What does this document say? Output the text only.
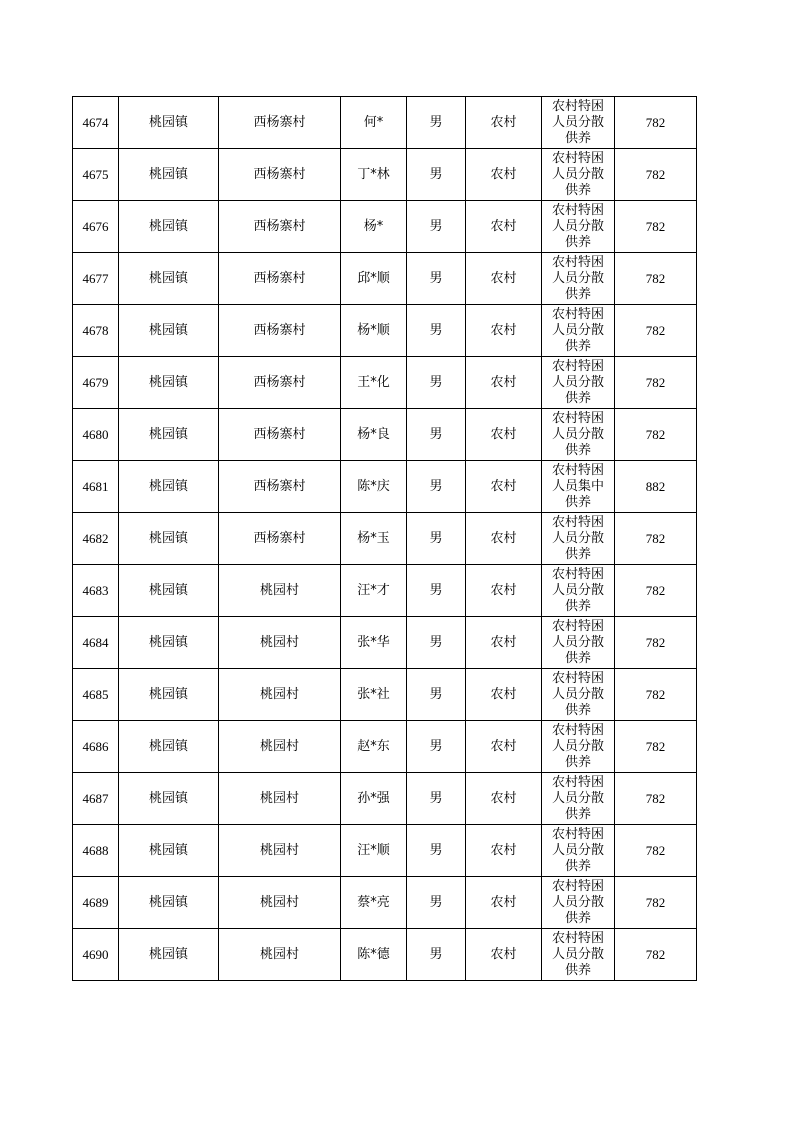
4674	桃园镇	西杨寨村	何*	男	农村	农村特困
人员分散
供养	782
4675	桃园镇	西杨寨村	丁*林	男	农村	农村特困
人员分散
供养	782
4676	桃园镇	西杨寨村	杨*	男	农村	农村特困
人员分散
供养	782
4677	桃园镇	西杨寨村	邱*顺	男	农村	农村特困
人员分散
供养	782
4678	桃园镇	西杨寨村	杨*顺	男	农村	农村特困
人员分散
供养	782
4679	桃园镇	西杨寨村	王*化	男	农村	农村特困
人员分散
供养	782
4680	桃园镇	西杨寨村	杨*良	男	农村	农村特困
人员分散
供养	782
4681	桃园镇	西杨寨村	陈*庆	男	农村	农村特困
人员集中
供养	882
4682	桃园镇	西杨寨村	杨*玉	男	农村	农村特困
人员分散
供养	782
4683	桃园镇	桃园村	汪*才	男	农村	农村特困
人员分散
供养	782
4684	桃园镇	桃园村	张*华	男	农村	农村特困
人员分散
供养	782
4685	桃园镇	桃园村	张*社	男	农村	农村特困
人员分散
供养	782
4686	桃园镇	桃园村	赵*东	男	农村	农村特困
人员分散
供养	782
4687	桃园镇	桃园村	孙*强	男	农村	农村特困
人员分散
供养	782
4688	桃园镇	桃园村	汪*顺	男	农村	农村特困
人员分散
供养	782
4689	桃园镇	桃园村	蔡*亮	男	农村	农村特困
人员分散
供养	782
4690	桃园镇	桃园村	陈*德	男	农村	农村特困
人员分散
供养	782
